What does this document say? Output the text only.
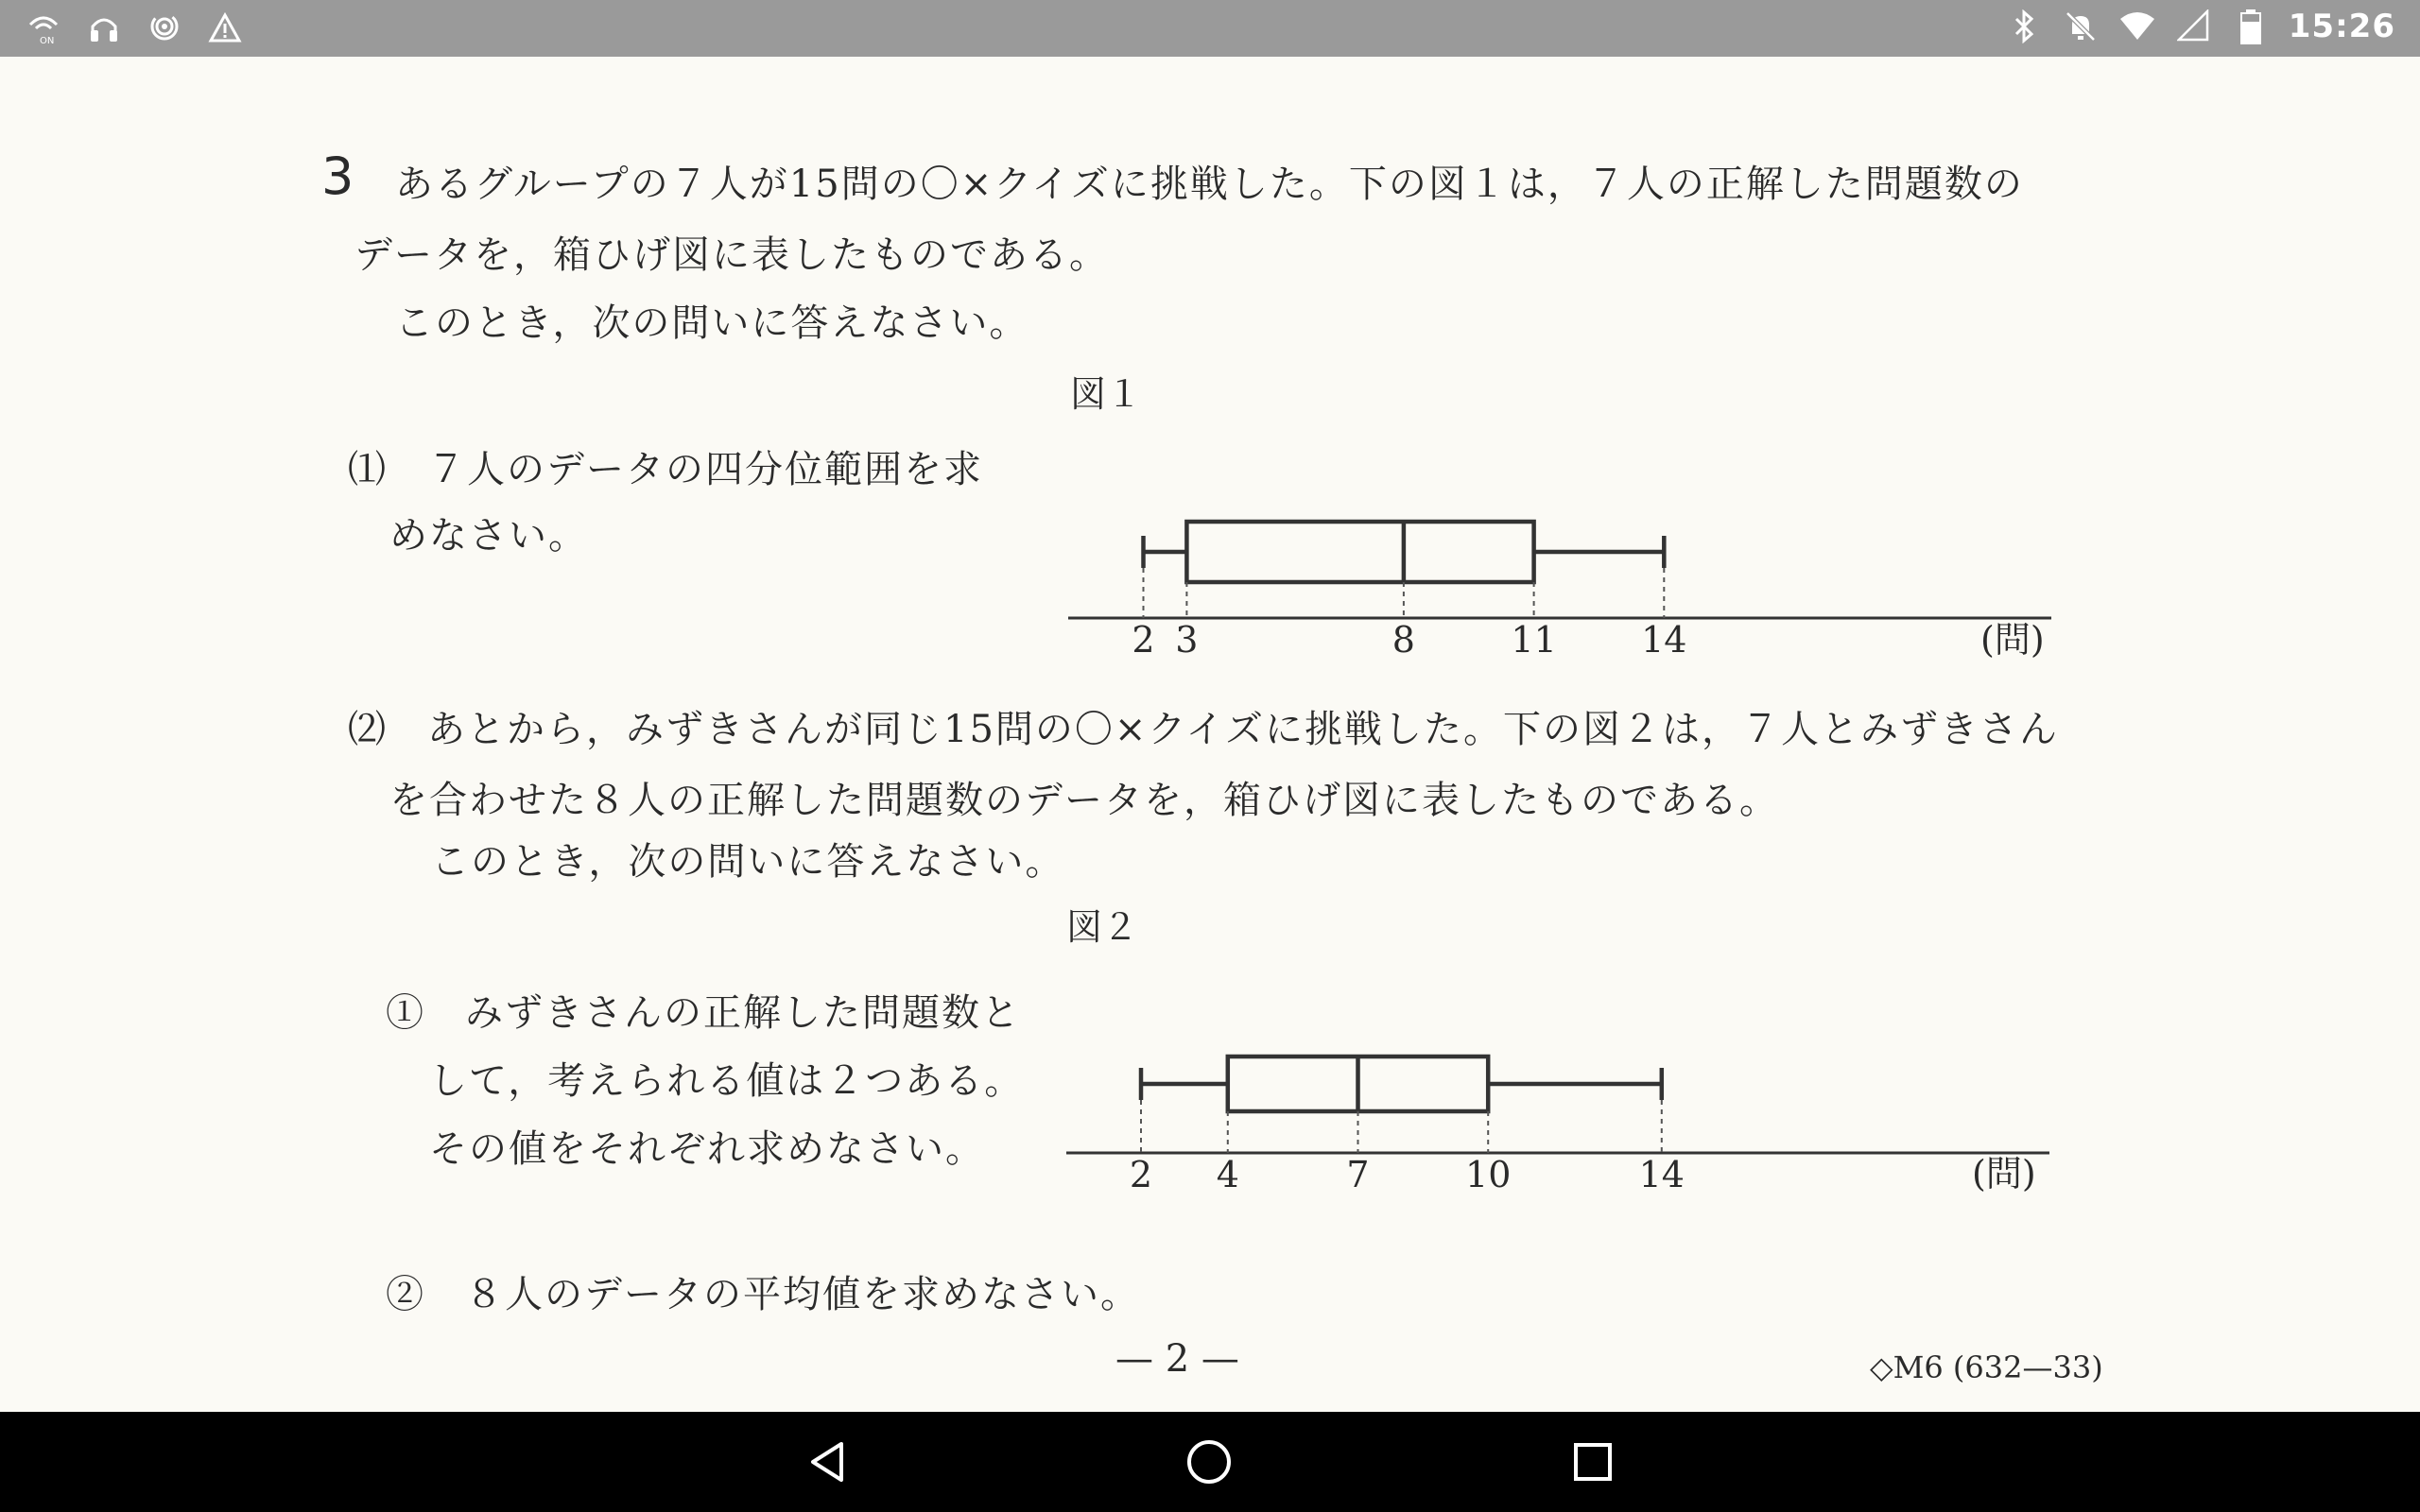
ON	15:26
3 あるグループの７人が15問の〇×クイズに挑戦した。下の図１は，７人の正解した問題数の
データを，箱ひげ図に表したものである。
このとき，次の問いに答えなさい。
図１
⑴　７人のデータの四分位範囲を求
めなさい。
2 3	8	11 14	(問)
⑵　あとから，みずきさんが同じ15問の〇×クイズに挑戦した。下の図２は，７人とみずきさん
を合わせた８人の正解した問題数のデータを，箱ひげ図に表したものである。
このとき，次の問いに答えなさい。
図２
①　みずきさんの正解した問題数と
して，考えられる値は２つある。
その値をそれぞれ求めなさい。
2 4	7	10	14	(問)
②　８人のデータの平均値を求めなさい。
— 2 —	◇M6 (632—33)
